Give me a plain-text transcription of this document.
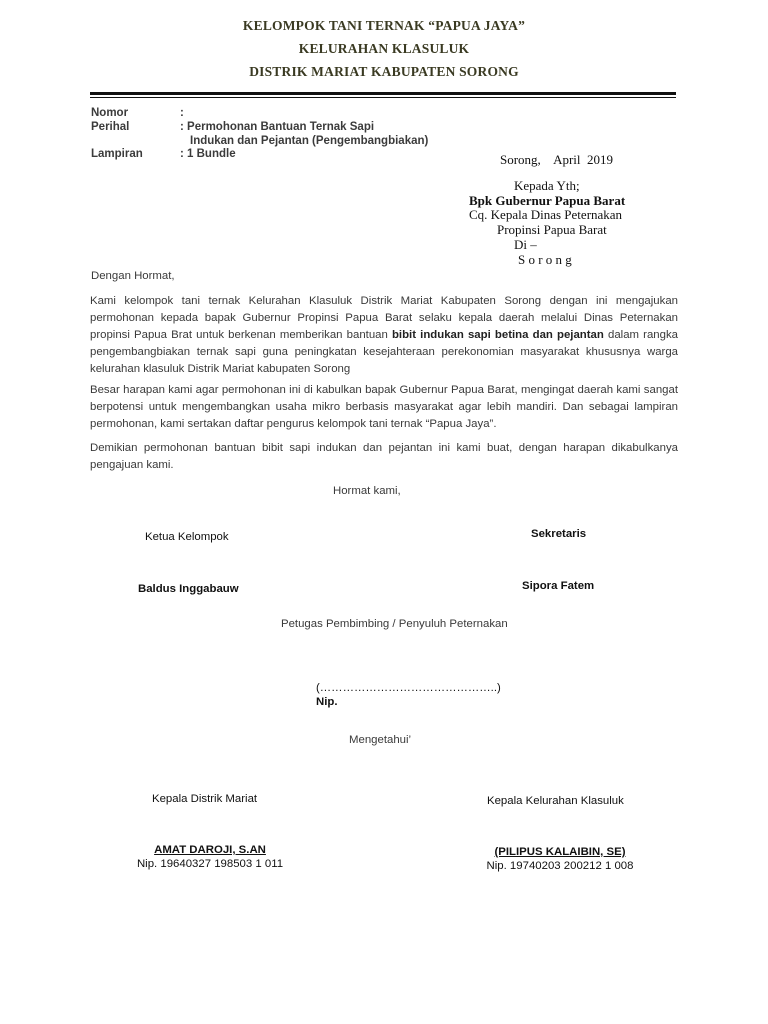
KELOMPOK TANI TERNAK “PAPUA JAYA”
KELURAHAN KLASULUK
DISTRIK MARIAT KABUPATEN SORONG
Nomor	:
Perihal	: Permohonan Bantuan Ternak Sapi
Indukan dan Pejantan (Pengembangbiakan)
Lampiran	: 1 Bundle	Sorong,    April  2019
Kepada Yth;
Bpk Gubernur Papua Barat
Cq. Kepala Dinas Peternakan
Propinsi Papua Barat
Di –
S o r o n g
Dengan Hormat,
Kami kelompok tani ternak Kelurahan Klasuluk Distrik Mariat Kabupaten Sorong dengan ini mengajukan permohonan kepada bapak Gubernur Propinsi Papua Barat selaku kepala daerah melalui Dinas Peternakan propinsi Papua Brat untuk berkenan memberikan bantuan bibit indukan sapi betina dan pejantan dalam rangka pengembangbiakan ternak sapi guna peningkatan kesejahteraan perekonomian masyarakat khususnya warga kelurahan klasuluk Distrik Mariat kabupaten Sorong
Besar harapan kami agar permohonan ini di kabulkan bapak Gubernur Papua Barat, mengingat daerah kami sangat berpotensi untuk mengembangkan usaha mikro berbasis masyarakat agar lebih mandiri. Dan sebagai lampiran permohonan, kami sertakan daftar pengurus kelompok tani ternak “Papua Jaya”.
Demikian permohonan bantuan bibit sapi indukan dan pejantan ini kami buat, dengan harapan dikabulkanya pengajuan kami.
Hormat kami,
Ketua Kelompok	Sekretaris
Baldus Inggabauw	Sipora Fatem
Petugas Pembimbing / Penyuluh Peternakan
(………………………………………..)
Nip.
Mengetahui’
Kepala Distrik Mariat	Kepala Kelurahan Klasuluk
AMAT DAROJI, S.AN
Nip. 19640327 198503 1 011
(PILIPUS KALAIBIN, SE)
Nip. 19740203 200212 1 008
